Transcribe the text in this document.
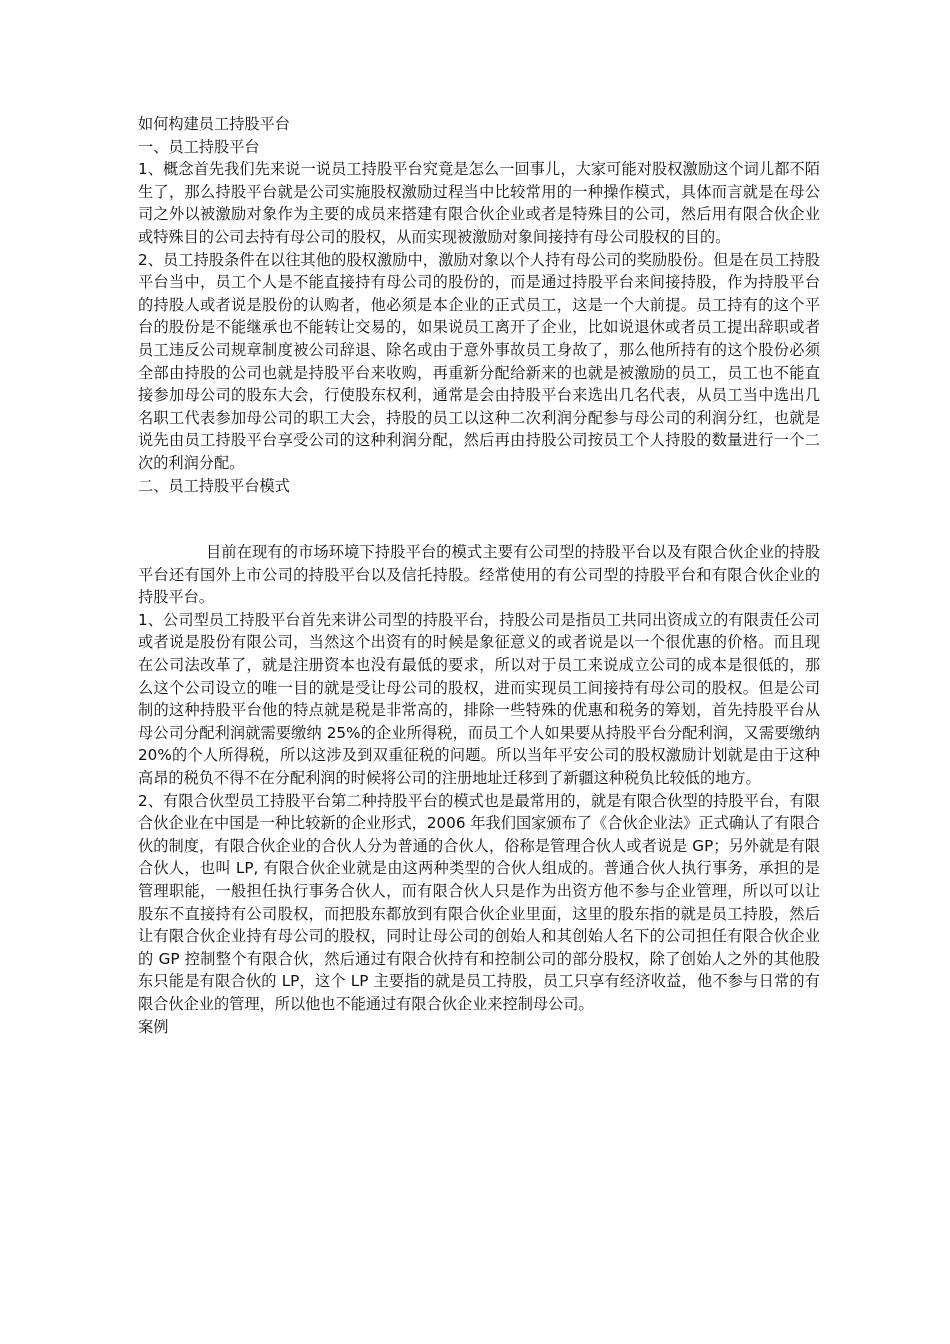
如何构建员工持股平台

一、员工持股平台

1、概念首先我们先来说一说员工持股平台究竟是怎么一回事儿，大家可能对股权激励这个词儿都不陌生了，那么持股平台就是公司实施股权激励过程当中比较常用的一种操作模式，具体而言就是在母公司之外以被激励对象作为主要的成员来搭建有限合伙企业或者是特殊目的公司，然后用有限合伙企业或特殊目的公司去持有母公司的股权，从而实现被激励对象间接持有母公司股权的目的。

2、员工持股条件在以往其他的股权激励中，激励对象以个人持有母公司的奖励股份。但是在员工持股平台当中，员工个人是不能直接持有母公司的股份的，而是通过持股平台来间接持股，作为持股平台的持股人或者说是股份的认购者，他必须是本企业的正式员工，这是一个大前提。员工持有的这个平台的股份是不能继承也不能转让交易的，如果说员工离开了企业，比如说退休或者员工提出辞职或者员工违反公司规章制度被公司辞退、除名或由于意外事故员工身故了，那么他所持有的这个股份必须全部由持股的公司也就是持股平台来收购，再重新分配给新来的也就是被激励的员工，员工也不能直接参加母公司的股东大会，行使股东权利，通常是会由持股平台来选出几名代表，从员工当中选出几名职工代表参加母公司的职工大会，持股的员工以这种二次利润分配参与母公司的利润分红，也就是说先由员工持股平台享受公司的这种利润分配，然后再由持股公司按员工个人持股的数量进行一个二次的利润分配。

二、员工持股平台模式

目前在现有的市场环境下持股平台的模式主要有公司型的持股平台以及有限合伙企业的持股平台还有国外上市公司的持股平台以及信托持股。经常使用的有公司型的持股平台和有限合伙企业的持股平台。

1、公司型员工持股平台首先来讲公司型的持股平台，持股公司是指员工共同出资成立的有限责任公司或者说是股份有限公司，当然这个出资有的时候是象征意义的或者说是以一个很优惠的价格。而且现在公司法改革了，就是注册资本也没有最低的要求，所以对于员工来说成立公司的成本是很低的，那么这个公司设立的唯一目的就是受让母公司的股权，进而实现员工间接持有母公司的股权。但是公司制的这种持股平台他的特点就是税是非常高的，排除一些特殊的优惠和税务的筹划，首先持股平台从母公司分配利润就需要缴纳 25%的企业所得税，而员工个人如果要从持股平台分配利润，又需要缴纳 20%的个人所得税，所以这涉及到双重征税的问题。所以当年平安公司的股权激励计划就是由于这种高昂的税负不得不在分配利润的时候将公司的注册地址迁移到了新疆这种税负比较低的地方。

2、有限合伙型员工持股平台第二种持股平台的模式也是最常用的，就是有限合伙型的持股平台，有限合伙企业在中国是一种比较新的企业形式，2006 年我们国家颁布了《合伙企业法》正式确认了有限合伙的制度，有限合伙企业的合伙人分为普通的合伙人，俗称是管理合伙人或者说是 GP；另外就是有限合伙人，也叫 LP, 有限合伙企业就是由这两种类型的合伙人组成的。普通合伙人执行事务，承担的是管理职能，一般担任执行事务合伙人，而有限合伙人只是作为出资方他不参与企业管理，所以可以让股东不直接持有公司股权，而把股东都放到有限合伙企业里面，这里的股东指的就是员工持股，然后让有限合伙企业持有母公司的股权，同时让母公司的创始人和其创始人名下的公司担任有限合伙企业的 GP 控制整个有限合伙，然后通过有限合伙持有和控制公司的部分股权，除了创始人之外的其他股东只能是有限合伙的 LP，这个 LP 主要指的就是员工持股，员工只享有经济收益，他不参与日常的有限合伙企业的管理，所以他也不能通过有限合伙企业来控制母公司。

案例
